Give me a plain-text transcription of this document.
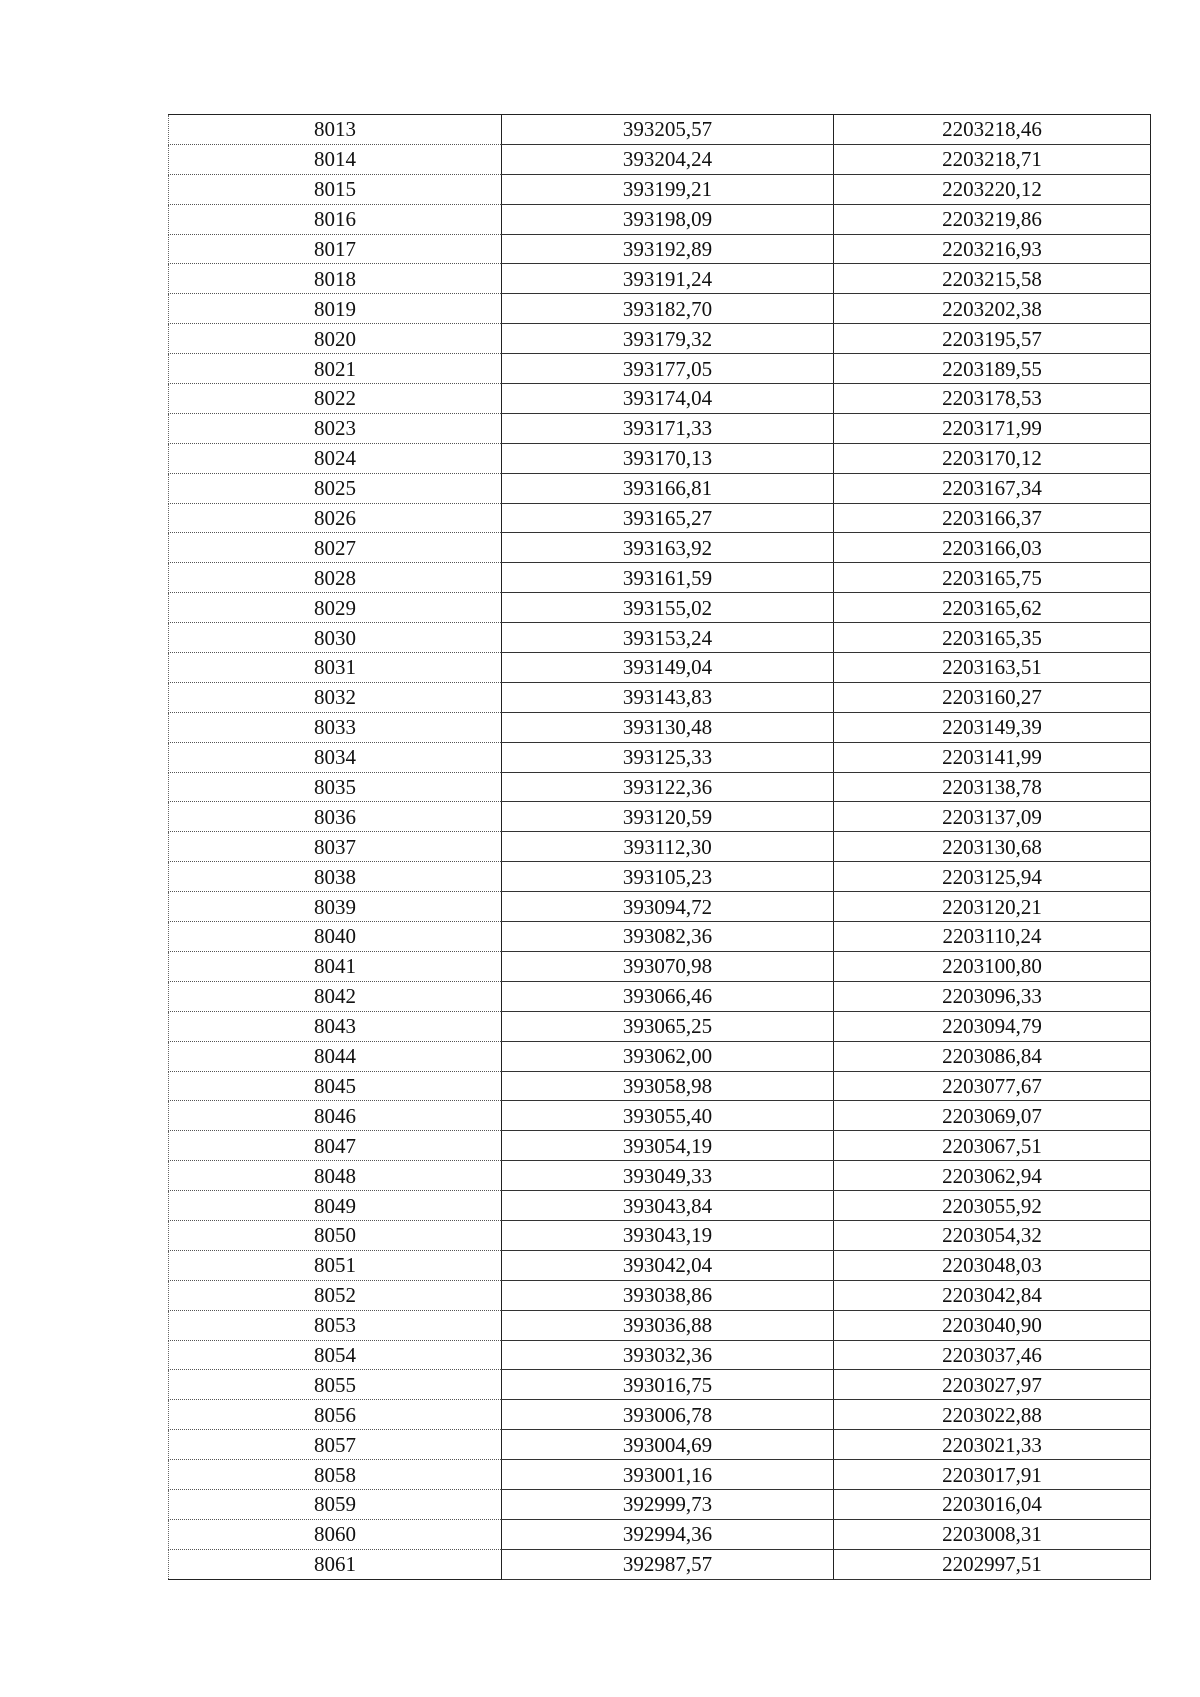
8013	393205,57	2203218,46
8014	393204,24	2203218,71
8015	393199,21	2203220,12
8016	393198,09	2203219,86
8017	393192,89	2203216,93
8018	393191,24	2203215,58
8019	393182,70	2203202,38
8020	393179,32	2203195,57
8021	393177,05	2203189,55
8022	393174,04	2203178,53
8023	393171,33	2203171,99
8024	393170,13	2203170,12
8025	393166,81	2203167,34
8026	393165,27	2203166,37
8027	393163,92	2203166,03
8028	393161,59	2203165,75
8029	393155,02	2203165,62
8030	393153,24	2203165,35
8031	393149,04	2203163,51
8032	393143,83	2203160,27
8033	393130,48	2203149,39
8034	393125,33	2203141,99
8035	393122,36	2203138,78
8036	393120,59	2203137,09
8037	393112,30	2203130,68
8038	393105,23	2203125,94
8039	393094,72	2203120,21
8040	393082,36	2203110,24
8041	393070,98	2203100,80
8042	393066,46	2203096,33
8043	393065,25	2203094,79
8044	393062,00	2203086,84
8045	393058,98	2203077,67
8046	393055,40	2203069,07
8047	393054,19	2203067,51
8048	393049,33	2203062,94
8049	393043,84	2203055,92
8050	393043,19	2203054,32
8051	393042,04	2203048,03
8052	393038,86	2203042,84
8053	393036,88	2203040,90
8054	393032,36	2203037,46
8055	393016,75	2203027,97
8056	393006,78	2203022,88
8057	393004,69	2203021,33
8058	393001,16	2203017,91
8059	392999,73	2203016,04
8060	392994,36	2203008,31
8061	392987,57	2202997,51
